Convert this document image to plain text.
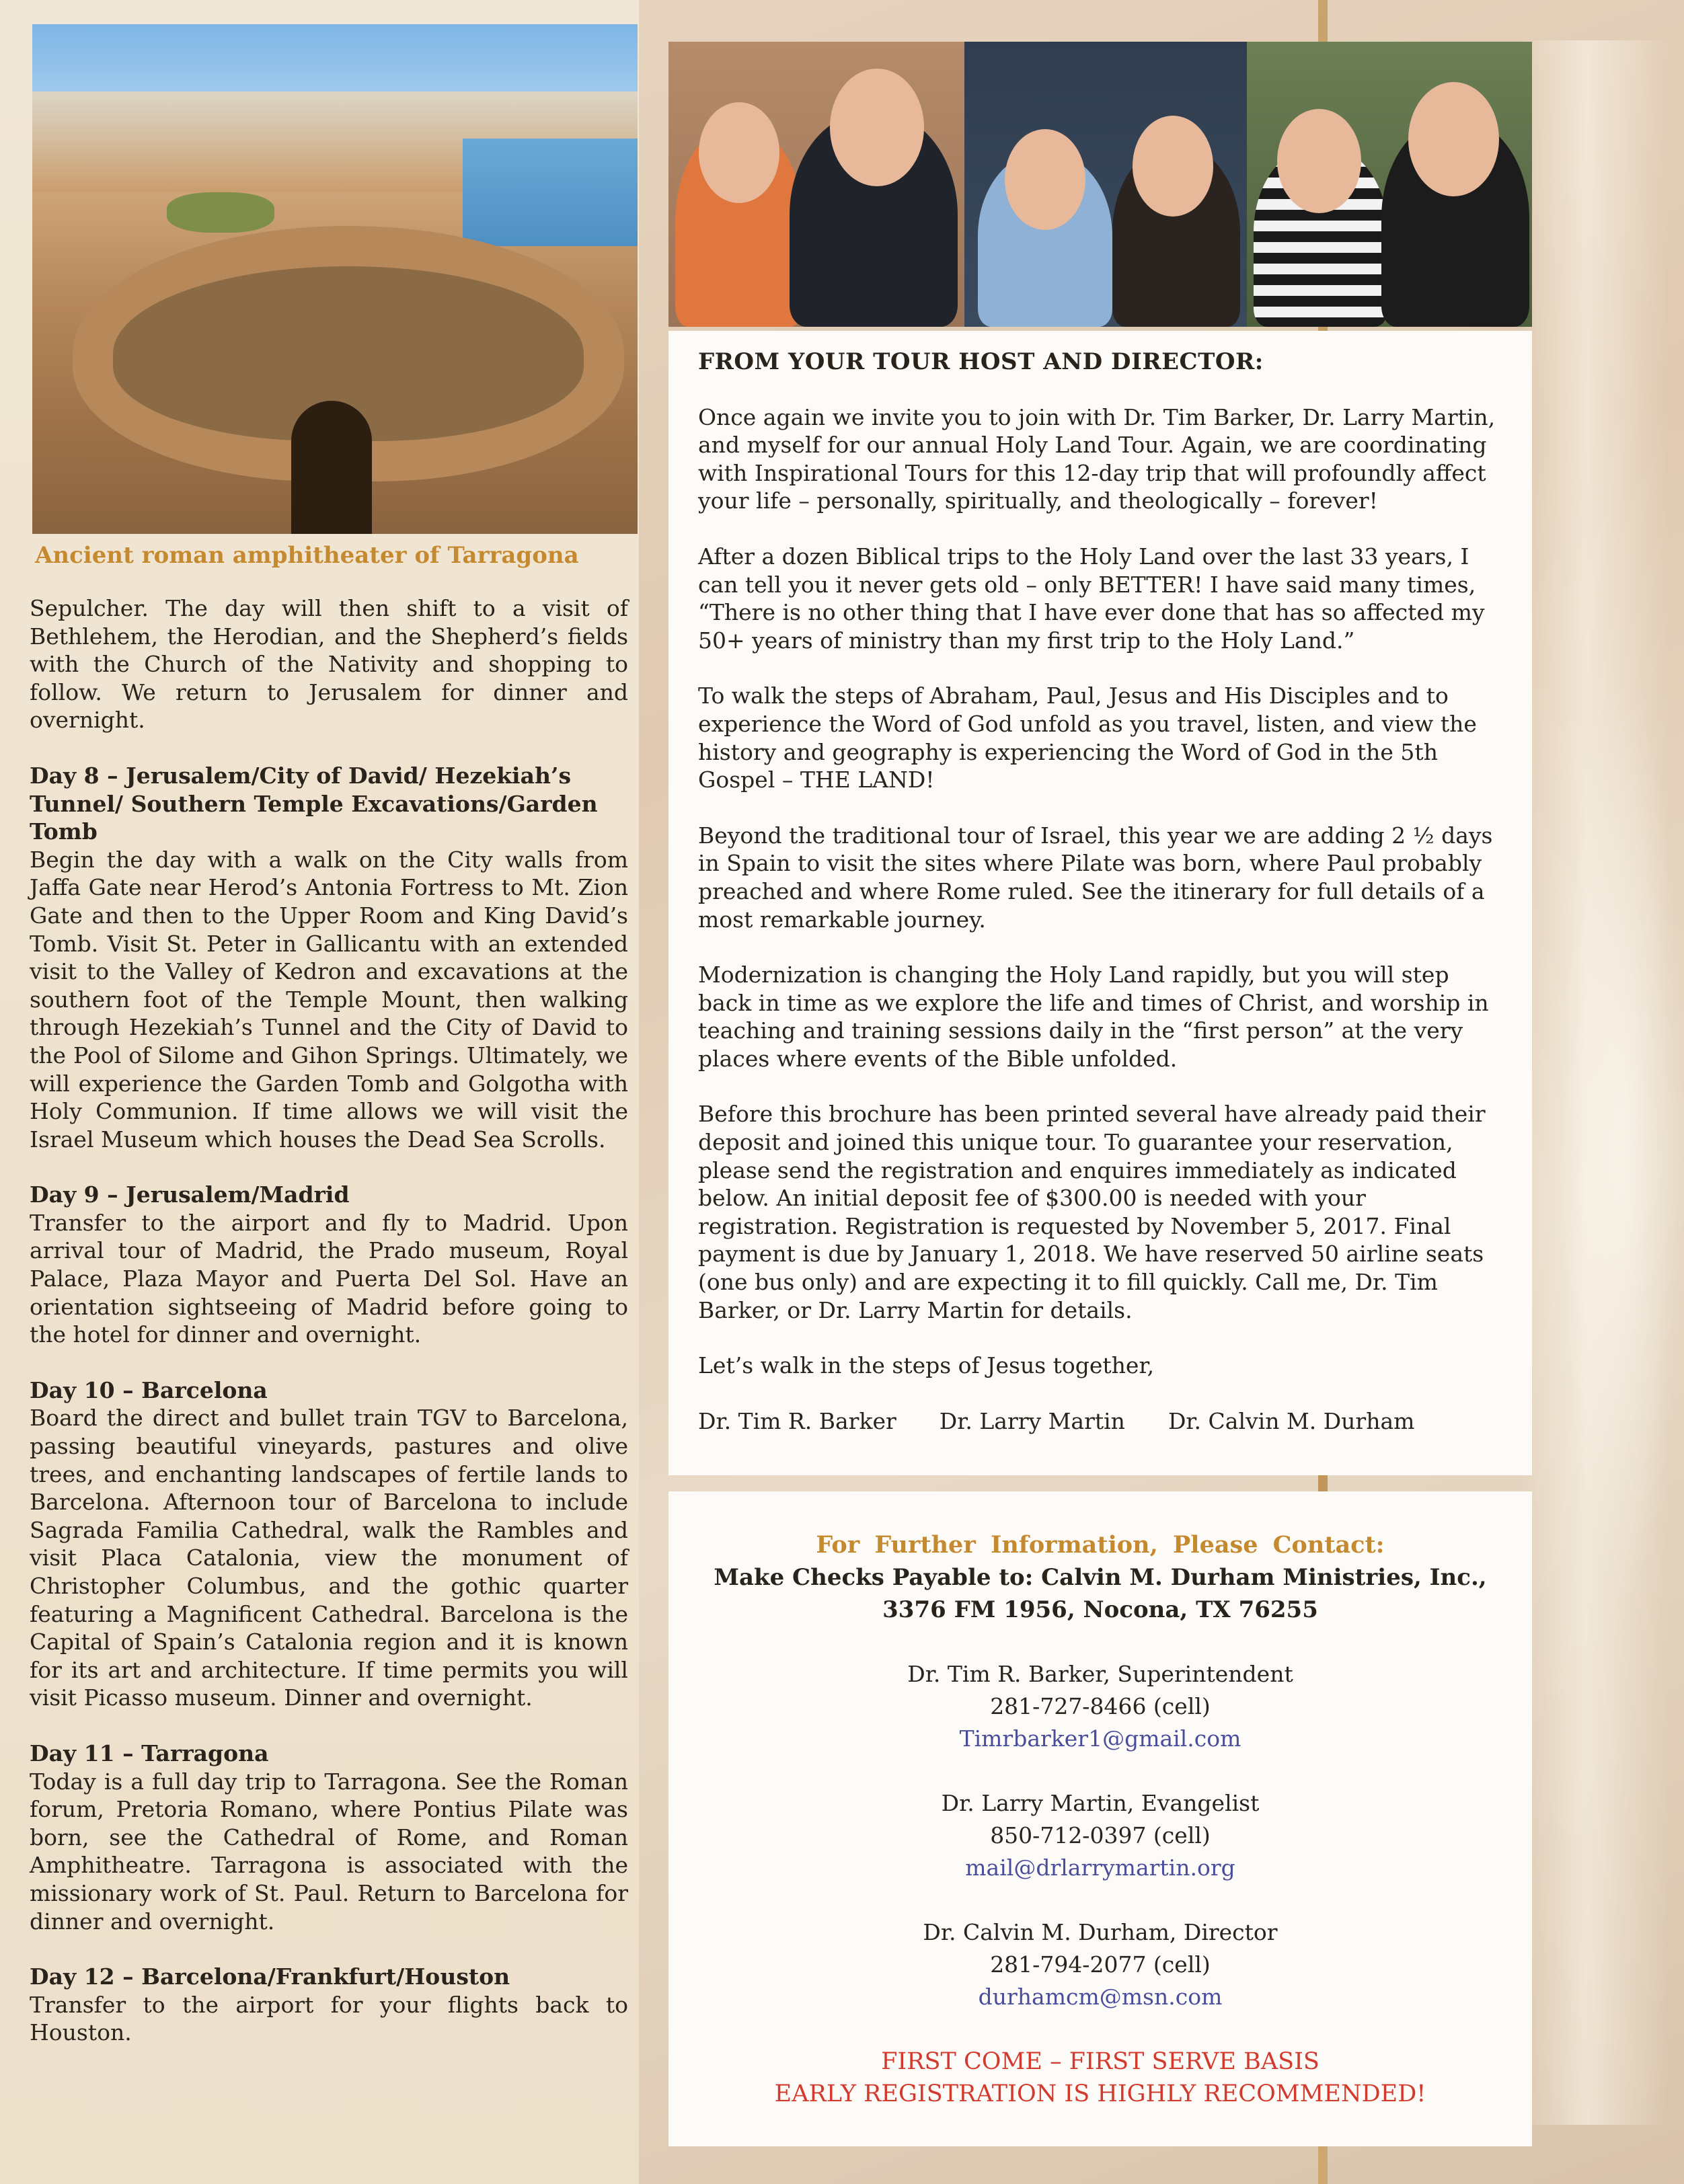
Ancient roman amphitheater of Tarragona

Sepulcher. The day will then shift to a visit of Bethlehem, the Herodian, and the Shepherd’s fields with the Church of the Nativity and shopping to follow. We return to Jerusalem for dinner and overnight.

Day 8 – Jerusalem/City of David/ Hezekiah’s Tunnel/ Southern Temple Excavations/Garden Tomb
Begin the day with a walk on the City walls from Jaffa Gate near Herod’s Antonia Fortress to Mt. Zion Gate and then to the Upper Room and King David’s Tomb. Visit St. Peter in Gallicantu with an extended visit to the Valley of Kedron and excavations at the southern foot of the Temple Mount, then walking through Hezekiah’s Tunnel and the City of David to the Pool of Silome and Gihon Springs. Ultimately, we will experience the Garden Tomb and Golgotha with Holy Communion. If time allows we will visit the Israel Museum which houses the Dead Sea Scrolls.

Day 9 – Jerusalem/Madrid
Transfer to the airport and fly to Madrid. Upon arrival tour of Madrid, the Prado museum, Royal Palace, Plaza Mayor and Puerta Del Sol. Have an orientation sightseeing of Madrid before going to the hotel for dinner and overnight.

Day 10 – Barcelona
Board the direct and bullet train TGV to Barcelona, passing beautiful vineyards, pastures and olive trees, and enchanting landscapes of fertile lands to Barcelona. Afternoon tour of Barcelona to include Sagrada Familia Cathedral, walk the Rambles and visit Placa Catalonia, view the monument of Christopher Columbus, and the gothic quarter featuring a Magnificent Cathedral. Barcelona is the Capital of Spain’s Catalonia region and it is known for its art and architecture. If time permits you will visit Picasso museum. Dinner and overnight.

Day 11 – Tarragona
Today is a full day trip to Tarragona. See the Roman forum, Pretoria Romano, where Pontius Pilate was born, see the Cathedral of Rome, and Roman Amphitheatre. Tarragona is associated with the missionary work of St. Paul. Return to Barcelona for dinner and overnight.

Day 12 – Barcelona/Frankfurt/Houston
Transfer to the airport for your flights back to Houston.

FROM YOUR TOUR HOST AND DIRECTOR:

Once again we invite you to join with Dr. Tim Barker, Dr. Larry Martin, and myself for our annual Holy Land Tour. Again, we are coordinating with Inspirational Tours for this 12-day trip that will profoundly affect your life – personally, spiritually, and theologically – forever!

After a dozen Biblical trips to the Holy Land over the last 33 years, I can tell you it never gets old – only BETTER! I have said many times, “There is no other thing that I have ever done that has so affected my 50+ years of ministry than my first trip to the Holy Land.”

To walk the steps of Abraham, Paul, Jesus and His Disciples and to experience the Word of God unfold as you travel, listen, and view the history and geography is experiencing the Word of God in the 5th Gospel – THE LAND!

Beyond the traditional tour of Israel, this year we are adding 2 ½ days in Spain to visit the sites where Pilate was born, where Paul probably preached and where Rome ruled. See the itinerary for full details of a most remarkable journey.

Modernization is changing the Holy Land rapidly, but you will step back in time as we explore the life and times of Christ, and worship in teaching and training sessions daily in the “first person” at the very places where events of the Bible unfolded.

Before this brochure has been printed several have already paid their deposit and joined this unique tour. To guarantee your reservation, please send the registration and enquires immediately as indicated below. An initial deposit fee of $300.00 is needed with your registration. Registration is requested by November 5, 2017. Final payment is due by January 1, 2018. We have reserved 50 airline seats (one bus only) and are expecting it to fill quickly. Call me, Dr. Tim Barker, or Dr. Larry Martin for details.

Let’s walk in the steps of Jesus together,

Dr. Tim R. Barker Dr. Larry Martin Dr. Calvin M. Durham
For Further Information, Please Contact:
Make Checks Payable to: Calvin M. Durham Ministries, Inc.,
3376 FM 1956, Nocona, TX 76255
Dr. Tim R. Barker, Superintendent
281-727-8466 (cell)
Timrbarker1@gmail.com
Dr. Larry Martin, Evangelist
850-712-0397 (cell)
mail@drlarrymartin.org
Dr. Calvin M. Durham, Director
281-794-2077 (cell)
durhamcm@msn.com
FIRST COME – FIRST SERVE BASIS
EARLY REGISTRATION IS HIGHLY RECOMMENDED!
